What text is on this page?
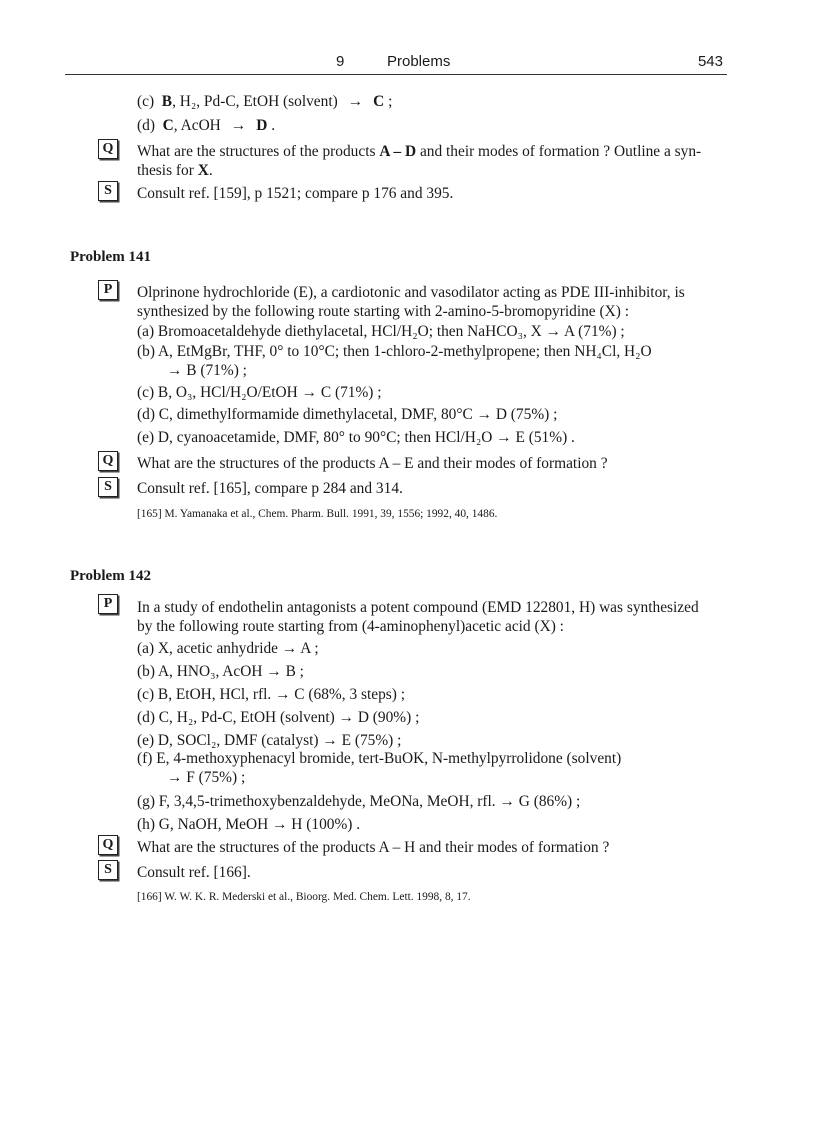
9	Problems	543
(c) B, H₂, Pd-C, EtOH (solvent) → C ;
(d) C, AcOH → D .
Q What are the structures of the products A – D and their modes of formation ? Outline a syn-
thesis for X.
S	Consult ref. [159], p 1521; compare p 176 and 395.
Problem 141
P	Olprinone hydrochloride (E), a cardiotonic and vasodilator acting as PDE III-inhibitor, is
synthesized by the following route starting with 2-amino-5-bromopyridine (X) :
(a) Bromoacetaldehyde diethylacetal, HCl/H₂O; then NaHCO₃, X → A (71%) ;
(b) A, EtMgBr, THF, 0° to 10°C; then 1-chloro-2-methylpropene; then NH₄Cl, H₂O
→ B (71%) ;
(c) B, O₃, HCl/H₂O/EtOH → C (71%) ;
(d) C, dimethylformamide dimethylacetal, DMF, 80°C → D (75%) ;
(e) D, cyanoacetamide, DMF, 80° to 90°C; then HCl/H₂O → E (51%) .
Q What are the structures of the products A – E and their modes of formation ?
S	Consult ref. [165], compare p 284 and 314.
[165] M. Yamanaka et al., Chem. Pharm. Bull. 1991, 39, 1556; 1992, 40, 1486.
Problem 142
P	In a study of endothelin antagonists a potent compound (EMD 122801, H) was synthesized
by the following route starting from (4-aminophenyl)acetic acid (X) :
(a) X, acetic anhydride → A ;
(b) A, HNO₃, AcOH → B ;
(c) B, EtOH, HCl, rfl. → C (68%, 3 steps) ;
(d) C, H₂, Pd-C, EtOH (solvent) → D (90%) ;
(e) D, SOCl₂, DMF (catalyst) → E (75%) ;
(f) E, 4-methoxyphenacyl bromide, tert-BuOK, N-methylpyrrolidone (solvent)
→ F (75%) ;
(g) F, 3,4,5-trimethoxybenzaldehyde, MeONa, MeOH, rfl. → G (86%) ;
(h) G, NaOH, MeOH → H (100%) .
Q What are the structures of the products A – H and their modes of formation ?
S	Consult ref. [166].
[166] W. W. K. R. Mederski et al., Bioorg. Med. Chem. Lett. 1998, 8, 17.
